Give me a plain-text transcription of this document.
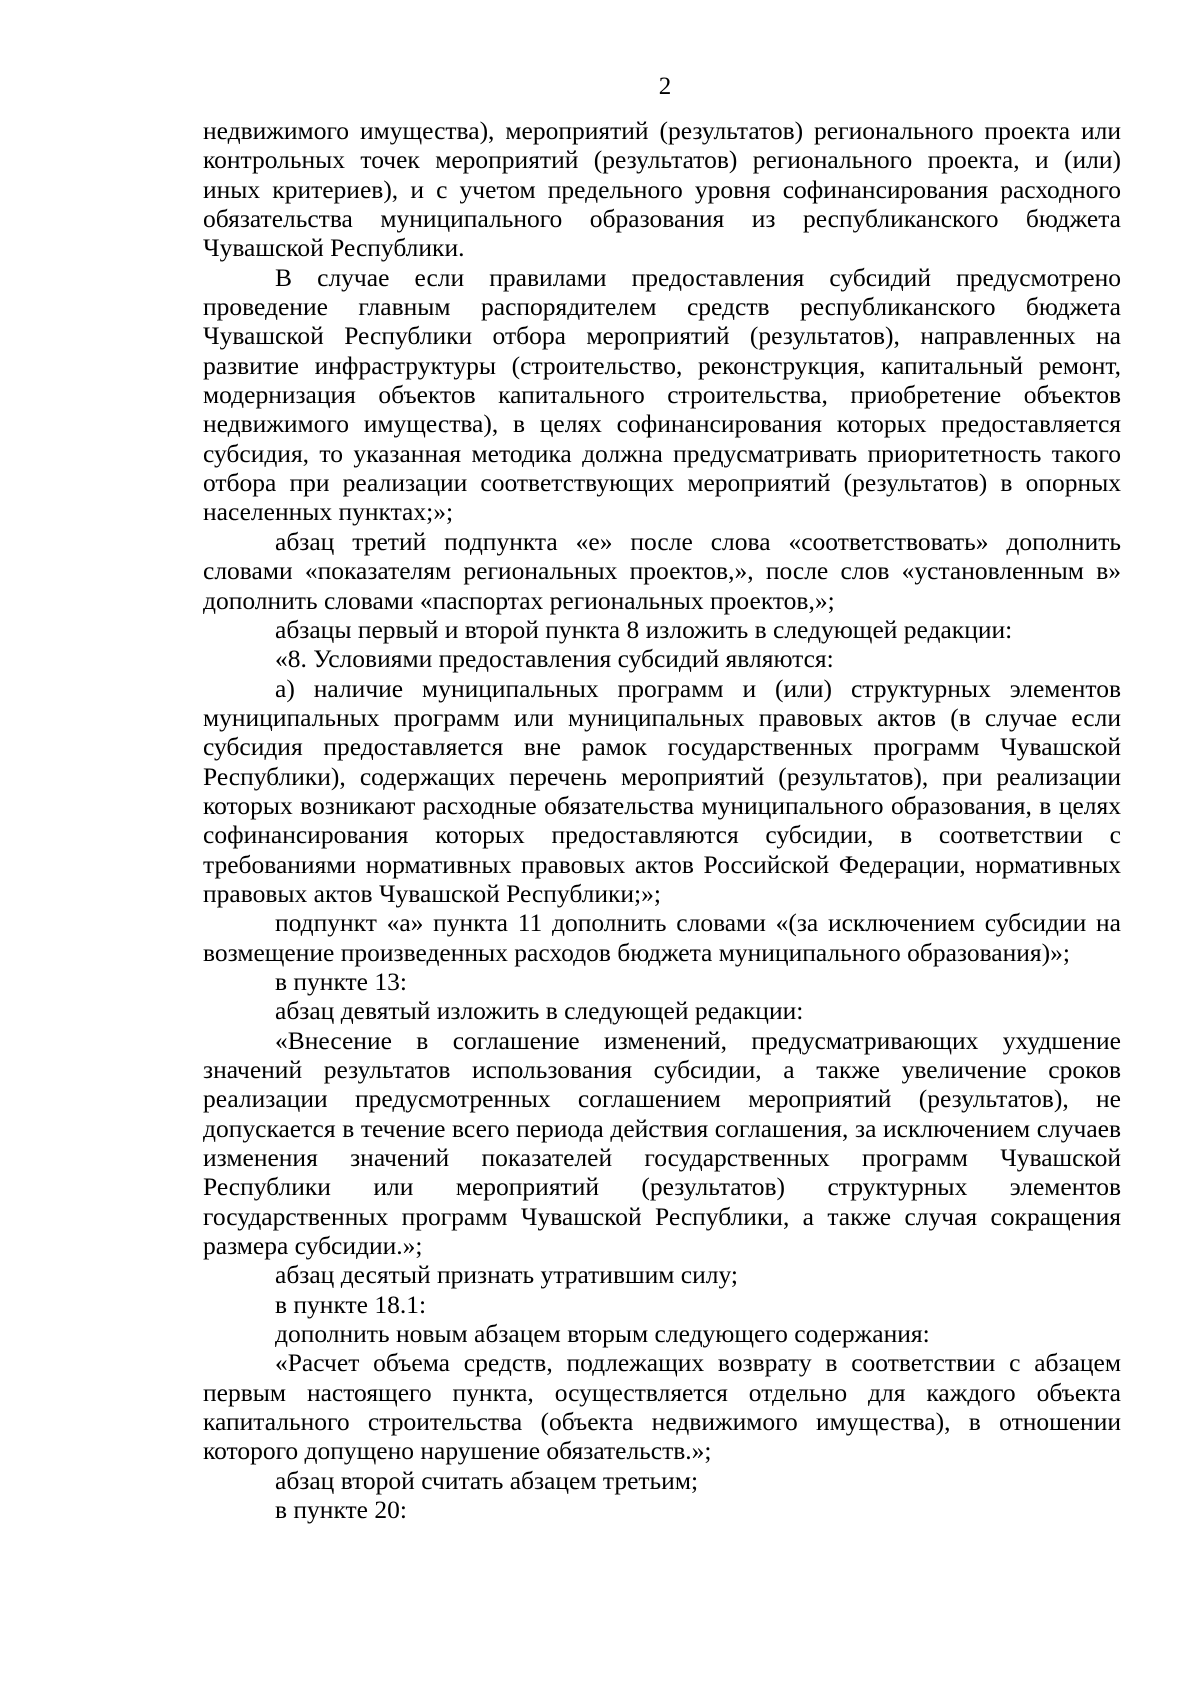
2

недвижимого имущества), мероприятий (результатов) регионального проекта или контрольных точек мероприятий (результатов) регионального проекта, и (или) иных критериев), и с учетом предельного уровня софинансирования расходного обязательства муниципального образования из республиканского бюджета Чувашской Республики.

В случае если правилами предоставления субсидий предусмотрено проведение главным распорядителем средств республиканского бюджета Чувашской Республики отбора мероприятий (результатов), направленных на развитие инфраструктуры (строительство, реконструкция, капитальный ремонт, модернизация объектов капитального строительства, приобретение объектов недвижимого имущества), в целях софинансирования которых предоставляется субсидия, то указанная методика должна предусматривать приоритетность такого отбора при реализации соответствующих мероприятий (результатов) в опорных населенных пунктах;»;

абзац третий подпункта «е» после слова «соответствовать» дополнить словами «показателям региональных проектов,», после слов «установленным в» дополнить словами «паспортах региональных проектов,»;

абзацы первый и второй пункта 8 изложить в следующей редакции:

«8. Условиями предоставления субсидий являются:

а) наличие муниципальных программ и (или) структурных элементов муниципальных программ или муниципальных правовых актов (в случае если субсидия предоставляется вне рамок государственных программ Чувашской Республики), содержащих перечень мероприятий (результатов), при реализации которых возникают расходные обязательства муниципального образования, в целях софинансирования которых предоставляются субсидии, в соответствии с требованиями нормативных правовых актов Российской Федерации, нормативных правовых актов Чувашской Республики;»;

подпункт «а» пункта 11 дополнить словами «(за исключением субсидии на возмещение произведенных расходов бюджета муниципального образования)»;

в пункте 13:

абзац девятый изложить в следующей редакции:

«Внесение в соглашение изменений, предусматривающих ухудшение значений результатов использования субсидии, а также увеличение сроков реализации предусмотренных соглашением мероприятий (результатов), не допускается в течение всего периода действия соглашения, за исключением случаев изменения значений показателей государственных программ Чувашской Республики или мероприятий (результатов) структурных элементов государственных программ Чувашской Республики, а также случая сокращения размера субсидии.»;

абзац десятый признать утратившим силу;

в пункте 18.1:

дополнить новым абзацем вторым следующего содержания:

«Расчет объема средств, подлежащих возврату в соответствии с абзацем первым настоящего пункта, осуществляется отдельно для каждого объекта капитального строительства (объекта недвижимого имущества), в отношении которого допущено нарушение обязательств.»;

абзац второй считать абзацем третьим;

в пункте 20:
